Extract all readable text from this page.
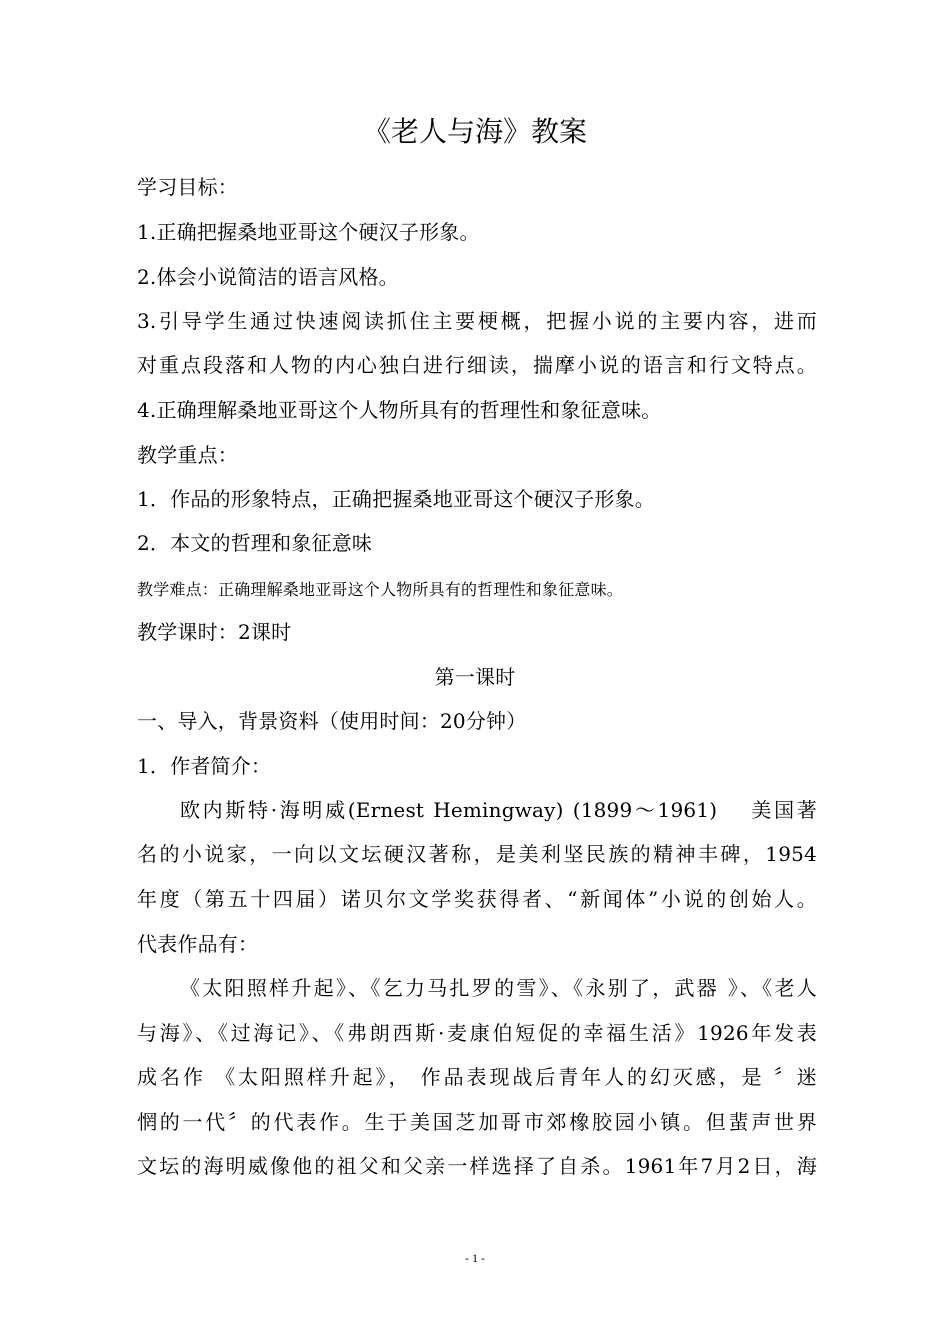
《老人与海》教案
学习目标：
1.正确把握桑地亚哥这个硬汉子形象。
2.体会小说简洁的语言风格。
3.引导学生通过快速阅读抓住主要梗概，把握小说的主要内容，进而
对重点段落和人物的内心独白进行细读，揣摩小说的语言和行文特点。
4.正确理解桑地亚哥这个人物所具有的哲理性和象征意味。
教学重点：
1．作品的形象特点，正确把握桑地亚哥这个硬汉子形象。
2．本文的哲理和象征意味
教学难点：正确理解桑地亚哥这个人物所具有的哲理性和象征意味。
教学课时：2课时
第一课时
一、导入，背景资料（使用时间：20分钟）
1．作者简介：
欧内斯特·海明威(Ernest Hemingway) (1899～1961)　 美国著
名的小说家，一向以文坛硬汉著称，是美利坚民族的精神丰碑，1954
年度（第五十四届）诺贝尔文学奖获得者、“新闻体”小说的创始人。
代表作品有：
《太阳照样升起》、《乞力马扎罗的雪》、《永别了，武器 》、《老人
与海》、《过海记》、《弗朗西斯·麦康伯短促的幸福生活》1926年发表
成名作 《太阳照样升起》， 作品表现战后青年人的幻灭感，是 〞迷
惘的一代〞的代表作。生于美国芝加哥市郊橡胶园小镇。但蜚声世界
文坛的海明威像他的祖父和父亲一样选择了自杀。1961年7月2日，海
- 1 -
